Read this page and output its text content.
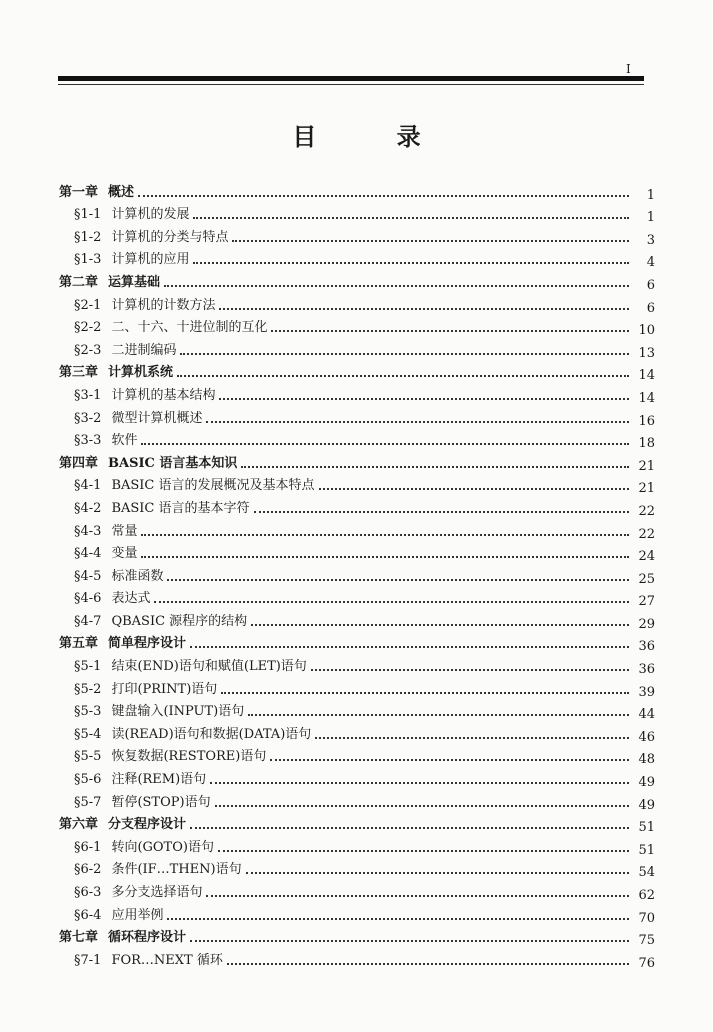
I
目 录
第一章 概述	1
§1-1 计算机的发展	1
§1-2 计算机的分类与特点	3
§1-3 计算机的应用	4
第二章 运算基础	6
§2-1 计算机的计数方法	6
§2-2 二、十六、十进位制的互化	10
§2-3 二进制编码	13
第三章 计算机系统	14
§3-1 计算机的基本结构	14
§3-2 微型计算机概述	16
§3-3 软件	18
第四章 BASIC 语言基本知识	21
§4-1 BASIC 语言的发展概况及基本特点	21
§4-2 BASIC 语言的基本字符	22
§4-3 常量	22
§4-4 变量	24
§4-5 标准函数	25
§4-6 表达式	27
§4-7 QBASIC 源程序的结构	29
第五章 简单程序设计	36
§5-1 结束(END)语句和赋值(LET)语句	36
§5-2 打印(PRINT)语句	39
§5-3 键盘输入(INPUT)语句	44
§5-4 读(READ)语句和数据(DATA)语句	46
§5-5 恢复数据(RESTORE)语句	48
§5-6 注释(REM)语句	49
§5-7 暂停(STOP)语句	49
第六章 分支程序设计	51
§6-1 转向(GOTO)语句	51
§6-2 条件(IF…THEN)语句	54
§6-3 多分支选择语句	62
§6-4 应用举例	70
第七章 循环程序设计	75
§7-1 FOR…NEXT 循环	76
